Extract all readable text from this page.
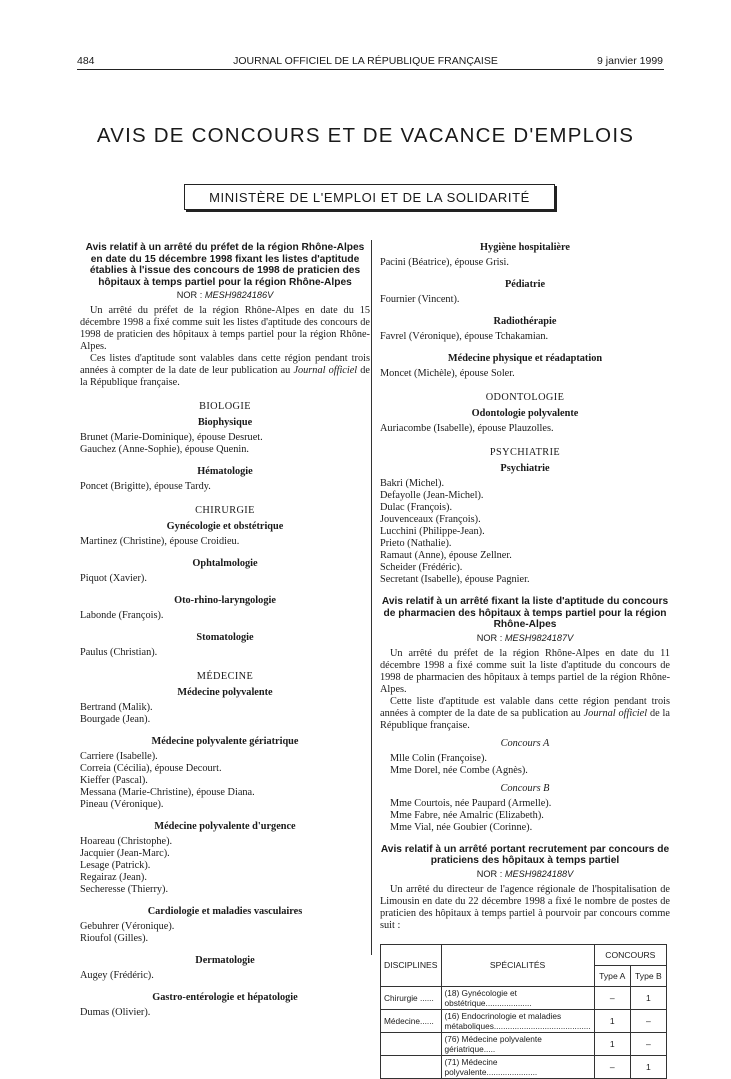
484	JOURNAL OFFICIEL DE LA RÉPUBLIQUE FRANÇAISE	9 janvier 1999
AVIS DE CONCOURS ET DE VACANCE D'EMPLOIS
MINISTÈRE DE L'EMPLOI ET DE LA SOLIDARITÉ
Avis relatif à un arrêté du préfet de la région Rhône-Alpes en date du 15 décembre 1998 fixant les listes d'aptitude établies à l'issue des concours de 1998 de praticien des hôpitaux à temps partiel pour la région Rhône-Alpes
NOR : MESH9824186V

Un arrêté du préfet de la région Rhône-Alpes en date du 15 décembre 1998 a fixé comme suit les listes d'aptitude des concours de 1998 de praticien des hôpitaux à temps partiel pour la région Rhône-Alpes.

Ces listes d'aptitude sont valables dans cette région pendant trois années à compter de la date de leur publication au Journal officiel de la République française.

BIOLOGIE
Biophysique
Brunet (Marie-Dominique), épouse Desruet.
Gauchez (Anne-Sophie), épouse Quenin.
Hématologie
Poncet (Brigitte), épouse Tardy.
CHIRURGIE
Gynécologie et obstétrique
Martinez (Christine), épouse Croidieu.
Ophtalmologie
Piquot (Xavier).
Oto-rhino-laryngologie
Labonde (François).
Stomatologie
Paulus (Christian).
MÉDECINE
Médecine polyvalente
Bertrand (Malik).
Bourgade (Jean).
Médecine polyvalente gériatrique
Carriere (Isabelle).
Correia (Cécilia), épouse Decourt.
Kieffer (Pascal).
Messana (Marie-Christine), épouse Diana.
Pineau (Véronique).
Médecine polyvalente d'urgence
Hoareau (Christophe).
Jacquier (Jean-Marc).
Lesage (Patrick).
Regairaz (Jean).
Secheresse (Thierry).
Cardiologie et maladies vasculaires
Gebuhrer (Véronique).
Rioufol (Gilles).
Dermatologie
Augey (Frédéric).
Gastro-entérologie et hépatologie
Dumas (Olivier).
Hygiène hospitalière
Pacini (Béatrice), épouse Grisi.
Pédiatrie
Fournier (Vincent).
Radiothérapie
Favrel (Véronique), épouse Tchakamian.
Médecine physique et réadaptation
Moncet (Michèle), épouse Soler.
ODONTOLOGIE
Odontologie polyvalente
Auriacombe (Isabelle), épouse Plauzolles.
PSYCHIATRIE
Psychiatrie
Bakri (Michel).
Defayolle (Jean-Michel).
Dulac (François).
Jouvenceaux (François).
Lucchini (Philippe-Jean).
Prieto (Nathalie).
Ramaut (Anne), épouse Zellner.
Scheider (Frédéric).
Secretant (Isabelle), épouse Pagnier.
Avis relatif à un arrêté fixant la liste d'aptitude du concours de pharmacien des hôpitaux à temps partiel pour la région Rhône-Alpes
NOR : MESH9824187V

Un arrêté du préfet de la région Rhône-Alpes en date du 11 décembre 1998 a fixé comme suit la liste d'aptitude du concours de 1998 de pharmacien des hôpitaux à temps partiel de la région Rhône-Alpes.

Cette liste d'aptitude est valable dans cette région pendant trois années à compter de la date de sa publication au Journal officiel de la République française.

Concours A
Mlle Colin (Françoise).
Mme Dorel, née Combe (Agnès).
Concours B
Mme Courtois, née Paupard (Armelle).
Mme Fabre, née Amalric (Elizabeth).
Mme Vial, née Goubier (Corinne).
Avis relatif à un arrêté portant recrutement par concours de praticiens des hôpitaux à temps partiel
NOR : MESH9824188V

Un arrêté du directeur de l'agence régionale de l'hospitalisation de Limousin en date du 22 décembre 1998 a fixé le nombre de postes de praticien des hôpitaux à temps partiel à pourvoir par concours comme suit :

DISCIPLINES	SPÉCIALITÉS	CONCOURS	
		Type A	Type B
Chirurgie ......	(18) Gynécologie et obstétrique....................	–	1
Médecine......	(16) Endocrinologie et maladies métaboliques..........................................	1	–
	(76) Médecine polyvalente gériatrique.....	1	–
	(71) Médecine polyvalente......................	–	1
